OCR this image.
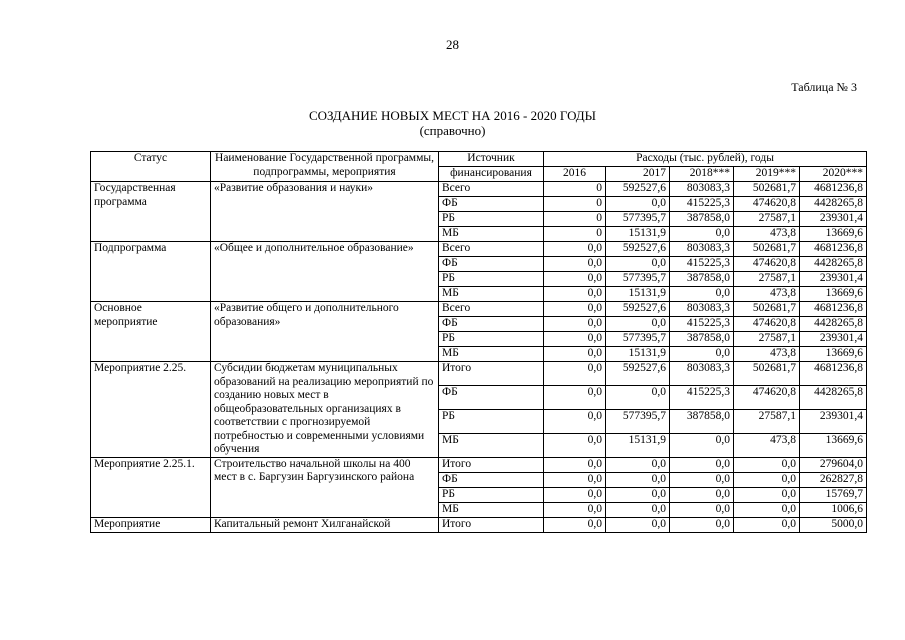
28
Таблица № 3
СОЗДАНИЕ НОВЫХ МЕСТ НА 2016 - 2020 ГОДЫ
(справочно)
Статус	Наименование Государственной программы, подпрограммы, мероприятия	Источник	Расходы (тыс. рублей), годы				
		финансирования	2016	2017	2018***	2019***	2020***
Государственная программа	«Развитие образования и науки»	Всего	0	592527,6	803083,3	502681,7	4681236,8
		ФБ	0	0,0	415225,3	474620,8	4428265,8
		РБ	0	577395,7	387858,0	27587,1	239301,4
		МБ	0	15131,9	0,0	473,8	13669,6
Подпрограмма	«Общее и дополнительное образование»	Всего	0,0	592527,6	803083,3	502681,7	4681236,8
		ФБ	0,0	0,0	415225,3	474620,8	4428265,8
		РБ	0,0	577395,7	387858,0	27587,1	239301,4
		МБ	0,0	15131,9	0,0	473,8	13669,6
Основное мероприятие	«Развитие общего и дополнительного образования»	Всего	0,0	592527,6	803083,3	502681,7	4681236,8
		ФБ	0,0	0,0	415225,3	474620,8	4428265,8
		РБ	0,0	577395,7	387858,0	27587,1	239301,4
		МБ	0,0	15131,9	0,0	473,8	13669,6
Мероприятие 2.25.	Субсидии бюджетам муниципальных образований на реализацию мероприятий по созданию новых мест в общеобразовательных организациях в соответствии с прогнозируемой потребностью и современными условиями обучения	Итого	0,0	592527,6	803083,3	502681,7	4681236,8
		ФБ	0,0	0,0	415225,3	474620,8	4428265,8
		РБ	0,0	577395,7	387858,0	27587,1	239301,4
		МБ	0,0	15131,9	0,0	473,8	13669,6
Мероприятие 2.25.1.	Строительство начальной школы на 400 мест в с. Баргузин Баргузинского района	Итого	0,0	0,0	0,0	0,0	279604,0
		ФБ	0,0	0,0	0,0	0,0	262827,8
		РБ	0,0	0,0	0,0	0,0	15769,7
		МБ	0,0	0,0	0,0	0,0	1006,6
Мероприятие	Капитальный ремонт Хилганайской	Итого	0,0	0,0	0,0	0,0	5000,0
